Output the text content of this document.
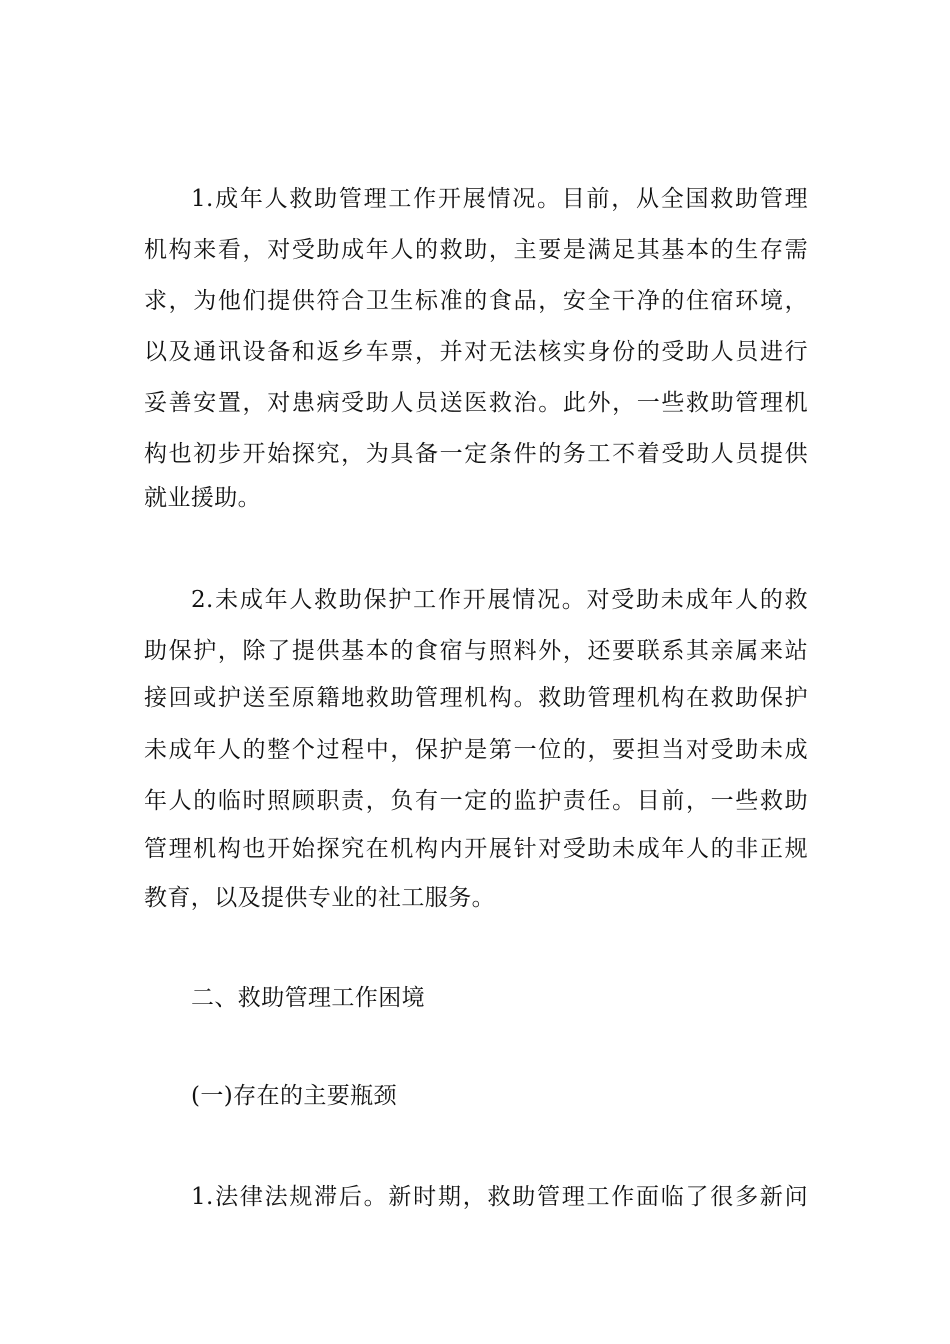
1.成年人救助管理工作开展情况。目前，从全国救助管理
机构来看，对受助成年人的救助，主要是满足其基本的生存需
求，为他们提供符合卫生标准的食品，安全干净的住宿环境，
以及通讯设备和返乡车票，并对无法核实身份的受助人员进行
妥善安置，对患病受助人员送医救治。此外，一些救助管理机
构也初步开始探究，为具备一定条件的务工不着受助人员提供
就业援助。
2.未成年人救助保护工作开展情况。对受助未成年人的救
助保护，除了提供基本的食宿与照料外，还要联系其亲属来站
接回或护送至原籍地救助管理机构。救助管理机构在救助保护
未成年人的整个过程中，保护是第一位的，要担当对受助未成
年人的临时照顾职责，负有一定的监护责任。目前，一些救助
管理机构也开始探究在机构内开展针对受助未成年人的非正规
教育，以及提供专业的社工服务。
二、救助管理工作困境
(一)存在的主要瓶颈
1.法律法规滞后。新时期，救助管理工作面临了很多新问
